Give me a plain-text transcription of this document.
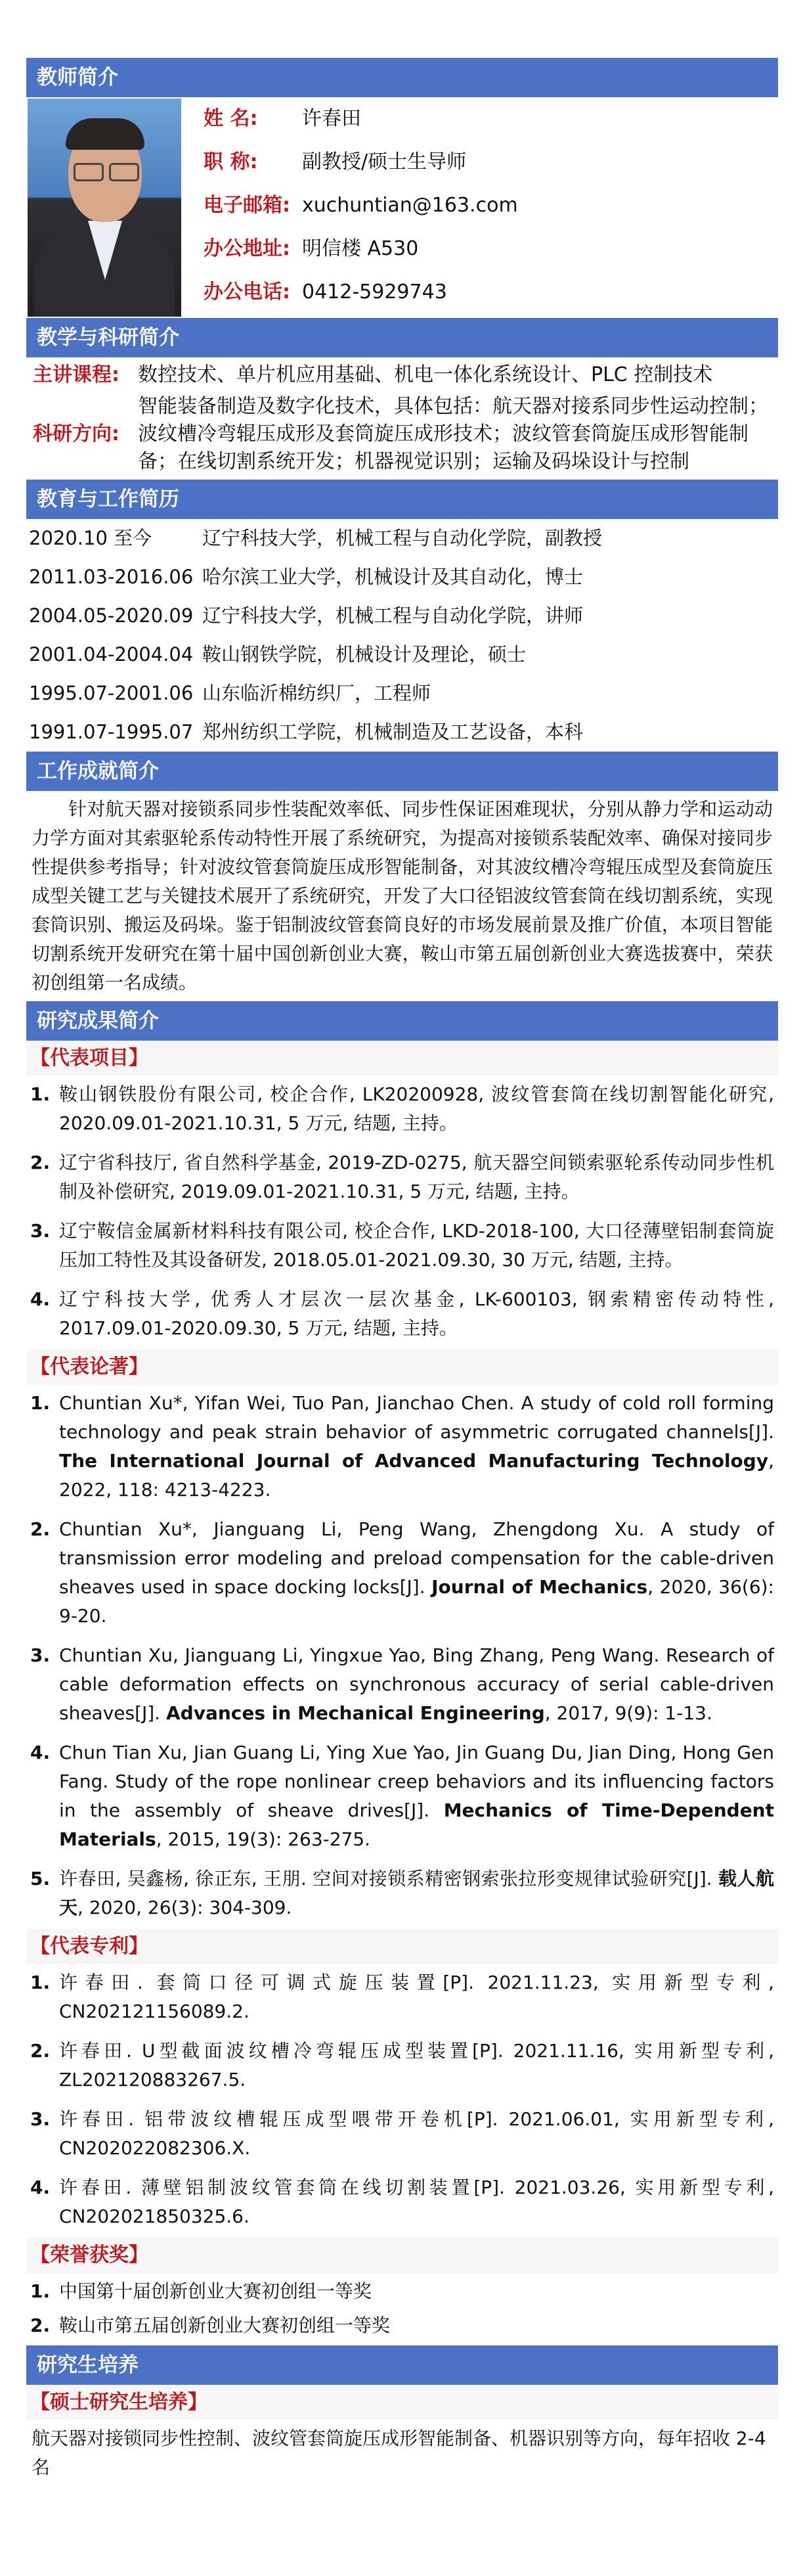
教师简介
姓 名:	许春田
职 称:	副教授/硕士生导师
电子邮箱: xuchuntian@163.com
办公地址: 明信楼 A530
办公电话: 0412-5929743
教学与科研简介
主讲课程: 数控技术、单片机应用基础、机电一体化系统设计、PLC 控制技术
科研方向:
智能装备制造及数字化技术，具体包括：航天器对接系同步性运动控制；波纹槽冷弯辊压成形及套筒旋压成形技术；波纹管套筒旋压成形智能制备；在线切割系统开发；机器视觉识别；运输及码垛设计与控制
教育与工作简历
2020.10 至今	辽宁科技大学，机械工程与自动化学院，副教授
2011.03-2016.06 哈尔滨工业大学，机械设计及其自动化，博士
2004.05-2020.09 辽宁科技大学，机械工程与自动化学院，讲师
2001.04-2004.04 鞍山钢铁学院，机械设计及理论，硕士
1995.07-2001.06 山东临沂棉纺织厂，工程师
1991.07-1995.07 郑州纺织工学院，机械制造及工艺设备，本科
工作成就简介
针对航天器对接锁系同步性装配效率低、同步性保证困难现状，分别从静力学和运动动力学方面对其索驱轮系传动特性开展了系统研究，为提高对接锁系装配效率、确保对接同步性提供参考指导；针对波纹管套筒旋压成形智能制备，对其波纹槽冷弯辊压成型及套筒旋压成型关键工艺与关键技术展开了系统研究，开发了大口径铝波纹管套筒在线切割系统，实现套筒识别、搬运及码垛。鉴于铝制波纹管套筒良好的市场发展前景及推广价值，本项目智能切割系统开发研究在第十届中国创新创业大赛，鞍山市第五届创新创业大赛选拔赛中，荣获初创组第一名成绩。
研究成果简介
【代表项目】
1. 鞍山钢铁股份有限公司, 校企合作, LK20200928, 波纹管套筒在线切割智能化研究, 2020.09.01-2021.10.31, 5 万元, 结题, 主持。
2. 辽宁省科技厅, 省自然科学基金, 2019-ZD-0275, 航天器空间锁索驱轮系传动同步性机制及补偿研究, 2019.09.01-2021.10.31, 5 万元, 结题, 主持。
3. 辽宁鞍信金属新材料科技有限公司, 校企合作, LKD-2018-100, 大口径薄壁铝制套筒旋压加工特性及其设备研发, 2018.05.01-2021.09.30, 30 万元, 结题, 主持。
4. 辽宁科技大学, 优秀人才层次一层次基金, LK-600103, 钢索精密传动特性, 2017.09.01-2020.09.30, 5 万元, 结题, 主持。
【代表论著】
1. Chuntian Xu*, Yifan Wei, Tuo Pan, Jianchao Chen. A study of cold roll forming technology and peak strain behavior of asymmetric corrugated channels[J]. The International Journal of Advanced Manufacturing Technology, 2022, 118: 4213-4223.
2. Chuntian Xu*, Jianguang Li, Peng Wang, Zhengdong Xu. A study of transmission error modeling and preload compensation for the cable-driven sheaves used in space docking locks[J]. Journal of Mechanics, 2020, 36(6): 9-20.
3. Chuntian Xu, Jianguang Li, Yingxue Yao, Bing Zhang, Peng Wang. Research of cable deformation effects on synchronous accuracy of serial cable-driven sheaves[J]. Advances in Mechanical Engineering, 2017, 9(9): 1-13.
4. Chun Tian Xu, Jian Guang Li, Ying Xue Yao, Jin Guang Du, Jian Ding, Hong Gen Fang. Study of the rope nonlinear creep behaviors and its influencing factors in the assembly of sheave drives[J]. Mechanics of Time-Dependent Materials, 2015, 19(3): 263-275.
5. 许春田, 吴鑫杨, 徐正东, 王朋. 空间对接锁系精密钢索张拉形变规律试验研究[J]. 载人航天, 2020, 26(3): 304-309.
【代表专利】
1. 许春田. 套筒口径可调式旋压装置[P]. 2021.11.23, 实用新型专利, CN202121156089.2.
2. 许春田. U型截面波纹槽冷弯辊压成型装置[P]. 2021.11.16, 实用新型专利, ZL202120883267.5.
3. 许春田. 铝带波纹槽辊压成型喂带开卷机[P]. 2021.06.01, 实用新型专利, CN202022082306.X.
4. 许春田. 薄壁铝制波纹管套筒在线切割装置[P]. 2021.03.26, 实用新型专利, CN202021850325.6.
【荣誉获奖】
1. 中国第十届创新创业大赛初创组一等奖
2. 鞍山市第五届创新创业大赛初创组一等奖
研究生培养
【硕士研究生培养】
航天器对接锁同步性控制、波纹管套筒旋压成形智能制备、机器识别等方向，每年招收 2-4 名
